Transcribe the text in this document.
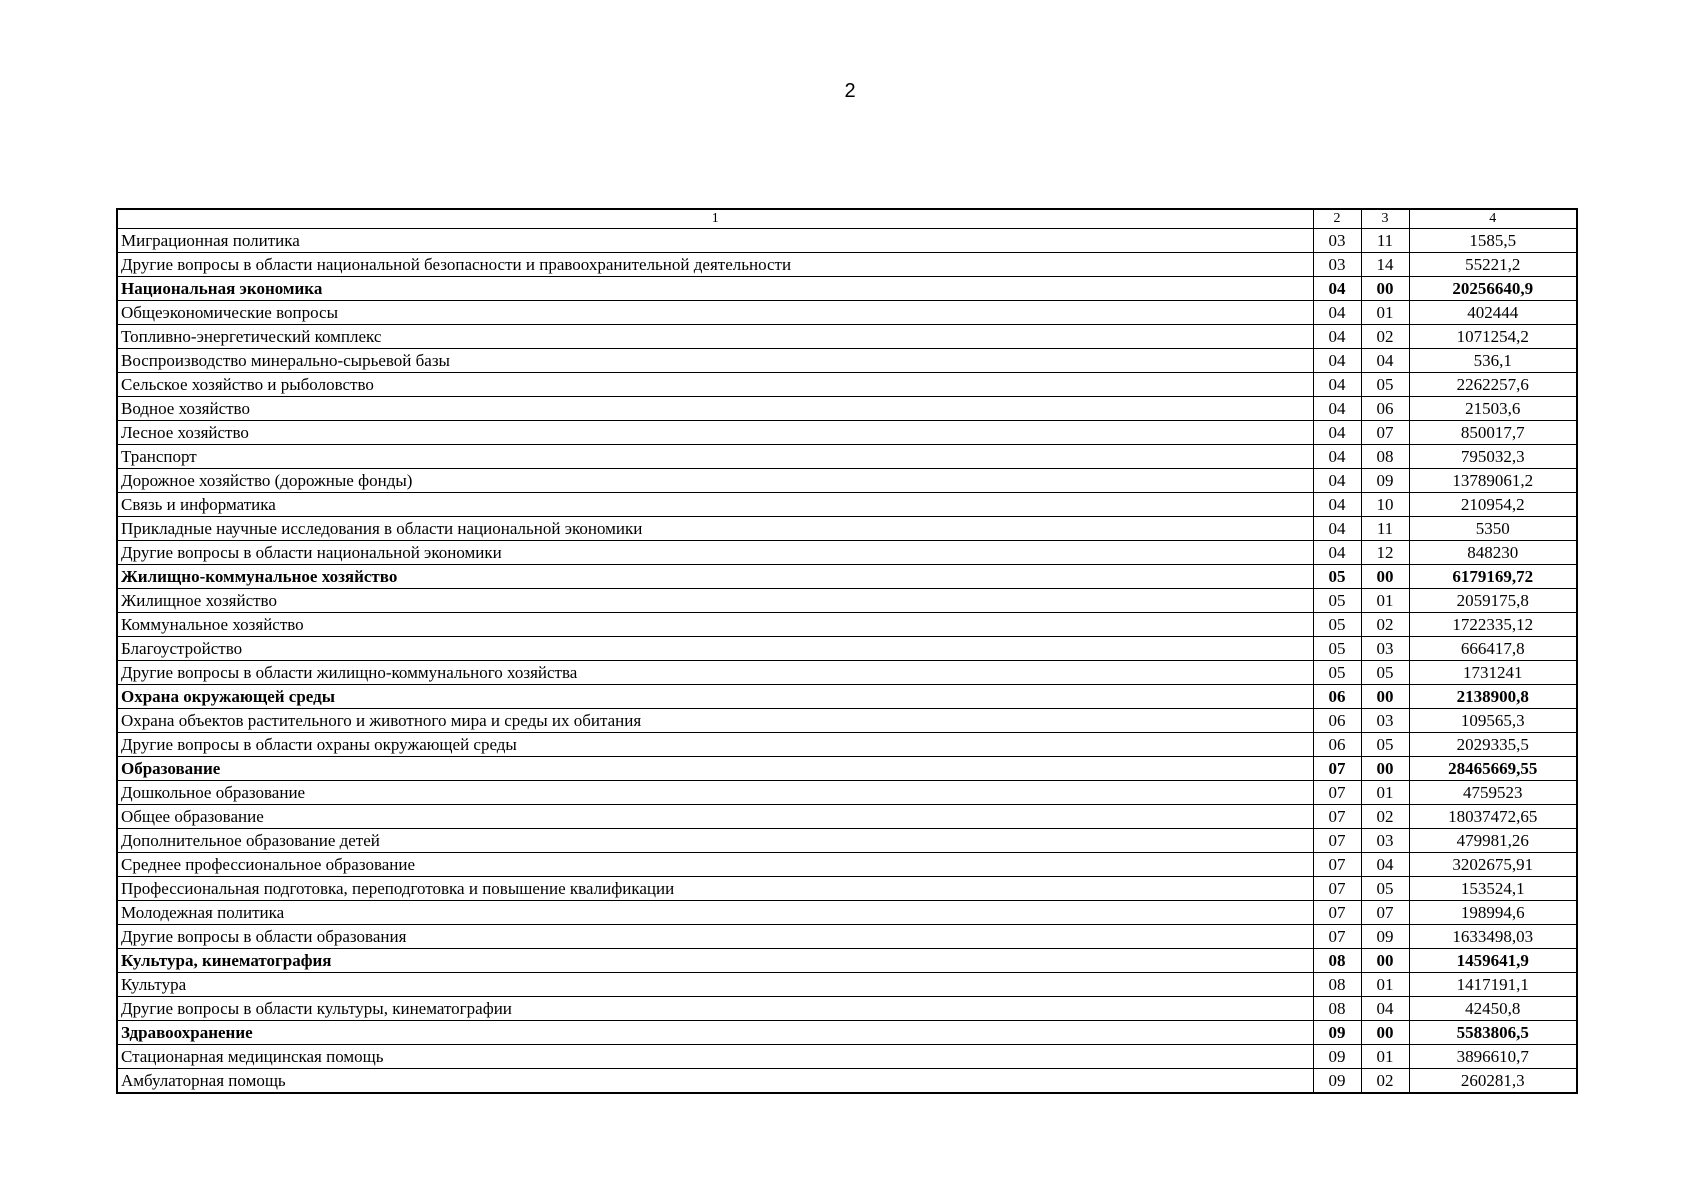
2
1	2	3	4
Миграционная политика	03	11	1585,5
Другие вопросы в области национальной безопасности и правоохранительной деятельности	03	14	55221,2
Национальная экономика	04	00	20256640,9
Общеэкономические вопросы	04	01	402444
Топливно-энергетический комплекс	04	02	1071254,2
Воспроизводство минерально-сырьевой базы	04	04	536,1
Сельское хозяйство и рыболовство	04	05	2262257,6
Водное хозяйство	04	06	21503,6
Лесное хозяйство	04	07	850017,7
Транспорт	04	08	795032,3
Дорожное хозяйство (дорожные фонды)	04	09	13789061,2
Связь и информатика	04	10	210954,2
Прикладные научные исследования в области национальной экономики	04	11	5350
Другие вопросы в области национальной экономики	04	12	848230
Жилищно-коммунальное хозяйство	05	00	6179169,72
Жилищное хозяйство	05	01	2059175,8
Коммунальное хозяйство	05	02	1722335,12
Благоустройство	05	03	666417,8
Другие вопросы в области жилищно-коммунального хозяйства	05	05	1731241
Охрана окружающей среды	06	00	2138900,8
Охрана объектов растительного и животного мира и среды их обитания	06	03	109565,3
Другие вопросы в области охраны окружающей среды	06	05	2029335,5
Образование	07	00	28465669,55
Дошкольное образование	07	01	4759523
Общее образование	07	02	18037472,65
Дополнительное образование детей	07	03	479981,26
Среднее профессиональное образование	07	04	3202675,91
Профессиональная подготовка, переподготовка и повышение квалификации	07	05	153524,1
Молодежная политика	07	07	198994,6
Другие вопросы в области образования	07	09	1633498,03
Культура, кинематография	08	00	1459641,9
Культура	08	01	1417191,1
Другие вопросы в области культуры, кинематографии	08	04	42450,8
Здравоохранение	09	00	5583806,5
Стационарная медицинская помощь	09	01	3896610,7
Амбулаторная помощь	09	02	260281,3
